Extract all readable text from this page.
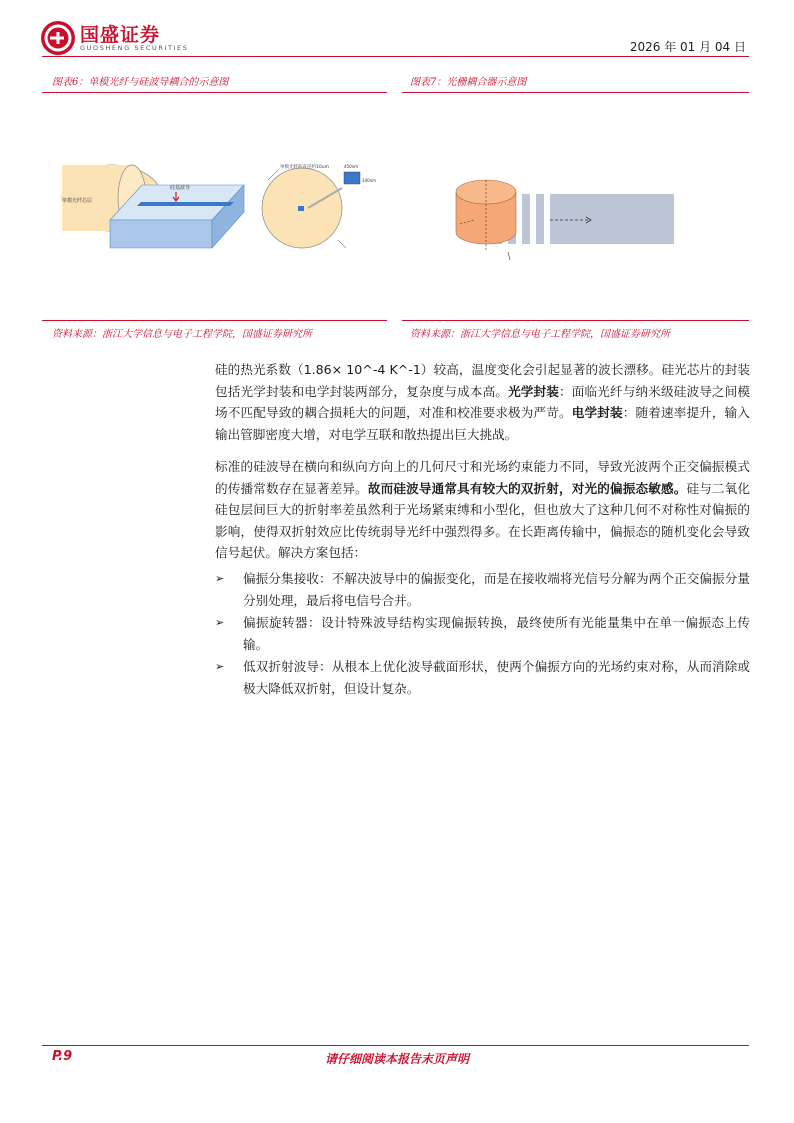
国盛证券
GUOSHENG SECURITIES	2026 年 01 月 04 日
图表6：单模光纤与硅波导耦合的示意图
单模光纤芯层
硅基波导
单模光纤的直径约10um	450nm
340nm
资料来源：浙江大学信息与电子工程学院，国盛证券研究所
图表7：光栅耦合器示意图
资料来源：浙江大学信息与电子工程学院，国盛证券研究所
硅的热光系数（1.86× 10^-4 K^-1）较高，温度变化会引起显著的波长漂移。硅光芯片的封装包括光学封装和电学封装两部分，复杂度与成本高。光学封装：面临光纤与纳米级硅波导之间模场不匹配导致的耦合损耗大的问题，对准和校准要求极为严苛。电学封装：随着速率提升，输入输出管脚密度大增，对电学互联和散热提出巨大挑战。
标准的硅波导在横向和纵向方向上的几何尺寸和光场约束能力不同，导致光波两个正交偏振模式的传播常数存在显著差异。故而硅波导通常具有较大的双折射，对光的偏振态敏感。硅与二氧化硅包层间巨大的折射率差虽然利于光场紧束缚和小型化，但也放大了这种几何不对称性对偏振的影响，使得双折射效应比传统弱导光纤中强烈得多。在长距离传输中，偏振态的随机变化会导致信号起伏。解决方案包括：
➢ 偏振分集接收：不解决波导中的偏振变化，而是在接收端将光信号分解为两个正交偏振分量分别处理，最后将电信号合并。
➢ 偏振旋转器：设计特殊波导结构实现偏振转换，最终使所有光能量集中在单一偏振态上传输。
➢ 低双折射波导：从根本上优化波导截面形状，使两个偏振方向的光场约束对称，从而消除或极大降低双折射，但设计复杂。
P.9	请仔细阅读本报告末页声明
